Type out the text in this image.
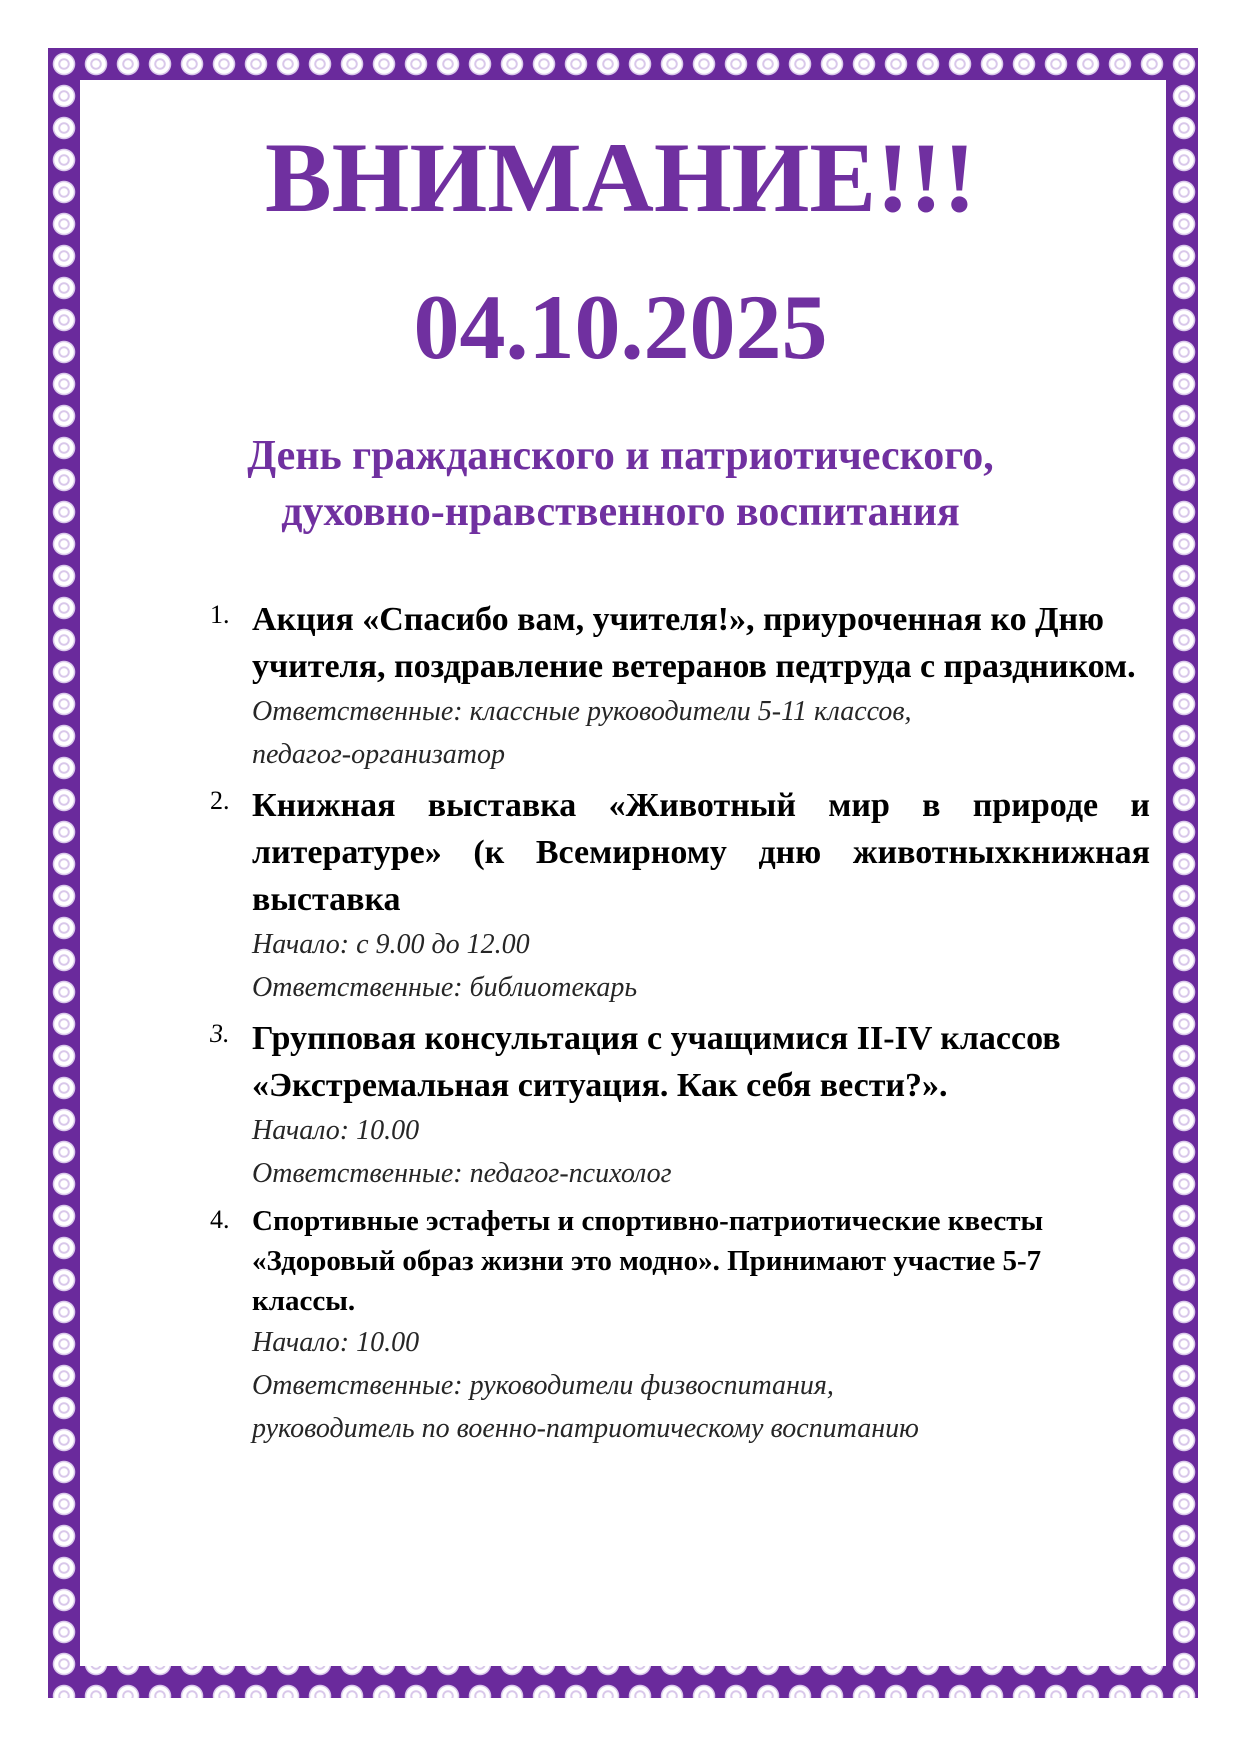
ВНИМАНИЕ!!!
04.10.2025
День гражданского и патриотического,
духовно-нравственного воспитания
1. Акция «Спасибо вам, учителя!», приуроченная ко Дню учителя, поздравление ветеранов педтруда с праздником.

Ответственные: классные руководители 5-11 классов,

педагог-организатор

2. Книжная выставка «Животный мир в природе и литературе» (к Всемирному дню животныхкнижная выставка

Начало: с 9.00 до 12.00

Ответственные: библиотекарь

3. Групповая консультация с учащимися II-IV классов «Экстремальная ситуация. Как себя вести?».

Начало: 10.00

Ответственные: педагог-психолог

4. Спортивные эстафеты и спортивно-патриотические квесты «Здоровый образ жизни это модно». Принимают участие 5-7 классы.

Начало: 10.00

Ответственные: руководители физвоспитания,

руководитель по военно-патриотическому воспитанию
